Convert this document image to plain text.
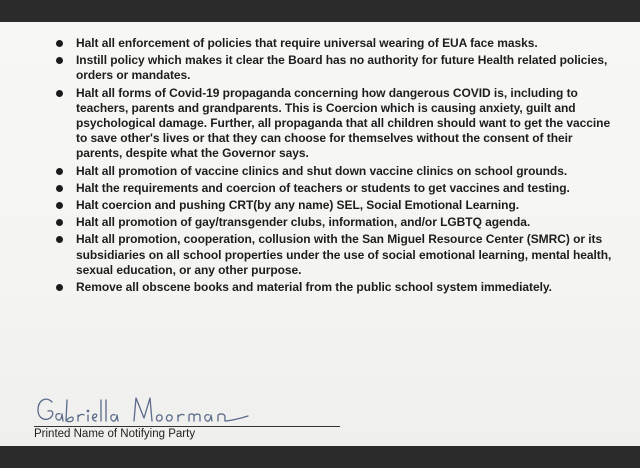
Halt all enforcement of policies that require universal wearing of EUA face masks.
Instill policy which makes it clear the Board has no authority for future Health related policies, orders or mandates.
Halt all forms of Covid-19 propaganda concerning how dangerous COVID is, including to teachers, parents and grandparents. This is Coercion which is causing anxiety, guilt and psychological damage. Further, all propaganda that all children should want to get the vaccine to save other's lives or that they can choose for themselves without the consent of their parents, despite what the Governor says.
Halt all promotion of vaccine clinics and shut down vaccine clinics on school grounds.
Halt the requirements and coercion of teachers or students to get vaccines and testing.
Halt coercion and pushing CRT(by any name) SEL, Social Emotional Learning.
Halt all promotion of gay/transgender clubs, information, and/or LGBTQ agenda.
Halt all promotion, cooperation, collusion with the San Miguel Resource Center (SMRC) or its subsidiaries on all school properties under the use of social emotional learning, mental health, sexual education, or any other purpose.
Remove all obscene books and material from the public school system immediately.
Printed Name of Notifying Party
